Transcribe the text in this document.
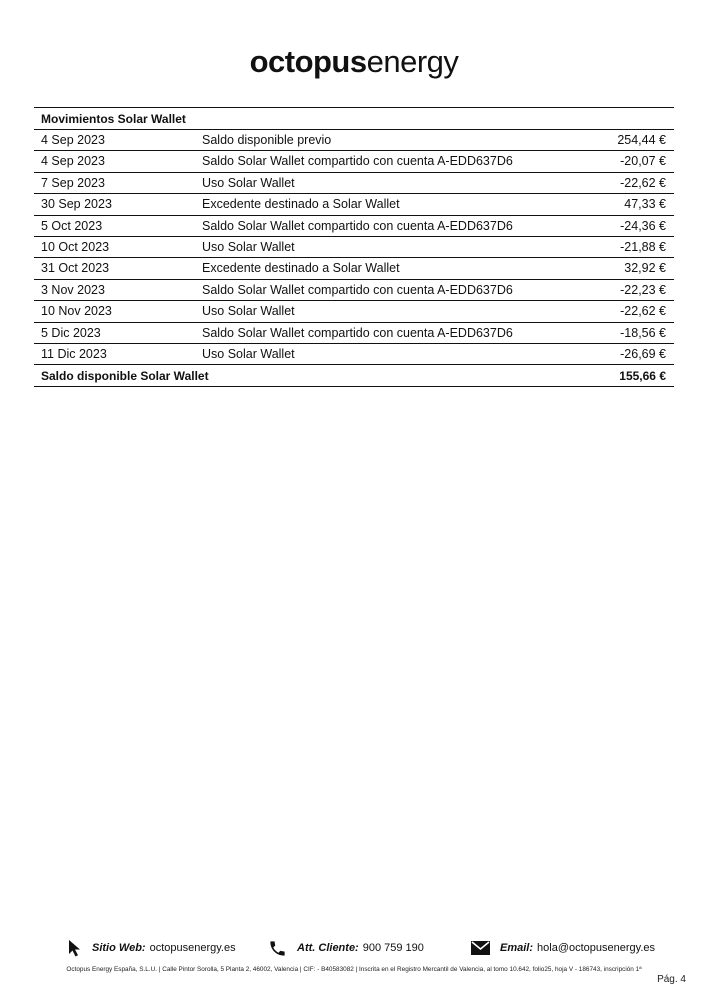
octopusenergy
Movimientos Solar Wallet
4 Sep 2023	Saldo disponible previo	254,44 €
4 Sep 2023	Saldo Solar Wallet compartido con cuenta A-EDD637D6	-20,07 €
7 Sep 2023	Uso Solar Wallet	-22,62 €
30 Sep 2023	Excedente destinado a Solar Wallet	47,33 €
5 Oct 2023	Saldo Solar Wallet compartido con cuenta A-EDD637D6	-24,36 €
10 Oct 2023	Uso Solar Wallet	-21,88 €
31 Oct 2023	Excedente destinado a Solar Wallet	32,92 €
3 Nov 2023	Saldo Solar Wallet compartido con cuenta A-EDD637D6	-22,23 €
10 Nov 2023	Uso Solar Wallet	-22,62 €
5 Dic 2023	Saldo Solar Wallet compartido con cuenta A-EDD637D6	-18,56 €
11 Dic 2023	Uso Solar Wallet	-26,69 €
Saldo disponible Solar Wallet	155,66 €
Sitio Web: octopusenergy.es	Att. Cliente: 900 759 190	Email: hola@octopusenergy.es
Octopus Energy España, S.L.U. | Calle Pintor Sorolla, 5 Planta 2, 46002, Valencia | CIF: - B40583082 | Inscrita en el Registro Mercantil de Valencia, al tomo 10.642, folio25, hoja V - 186743, inscripción 1ª
Pág. 4
